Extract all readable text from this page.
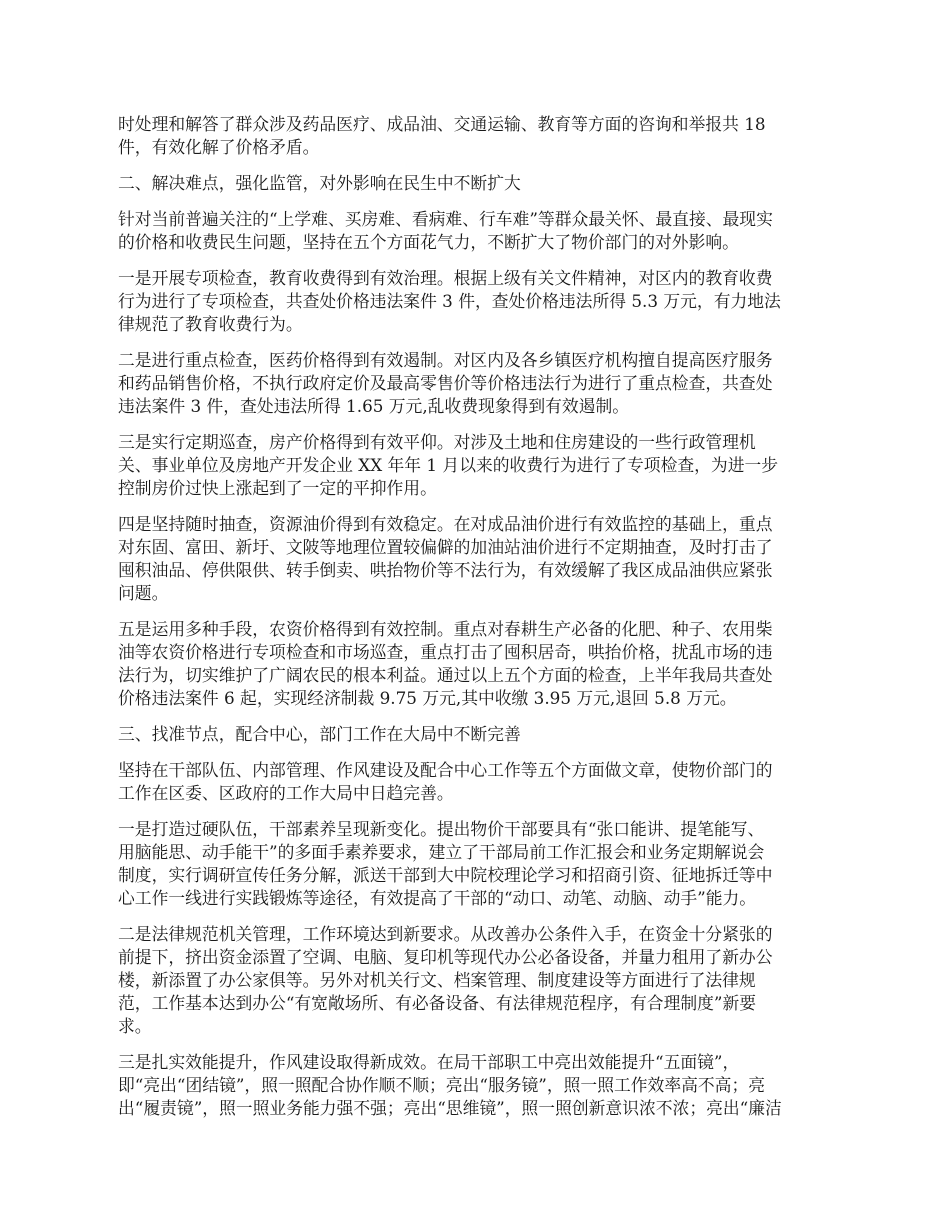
时处理和解答了群众涉及药品医疗、成品油、交通运输、教育等方面的咨询和举报共 18
件，有效化解了价格矛盾。

二、解决难点，强化监管，对外影响在民生中不断扩大

针对当前普遍关注的“上学难、买房难、看病难、行车难”等群众最关怀、最直接、最现实
的价格和收费民生问题，坚持在五个方面花气力，不断扩大了物价部门的对外影响。

一是开展专项检查，教育收费得到有效治理。根据上级有关文件精神，对区内的教育收费
行为进行了专项检查，共查处价格违法案件 3 件，查处价格违法所得 5.3 万元，有力地法
律规范了教育收费行为。

二是进行重点检查，医药价格得到有效遏制。对区内及各乡镇医疗机构擅自提高医疗服务
和药品销售价格，不执行政府定价及最高零售价等价格违法行为进行了重点检查，共查处
违法案件 3 件，查处违法所得 1.65 万元,乱收费现象得到有效遏制。

三是实行定期巡查，房产价格得到有效平仰。对涉及土地和住房建设的一些行政管理机
关、事业单位及房地产开发企业 XX 年年 1 月以来的收费行为进行了专项检查，为进一步
控制房价过快上涨起到了一定的平抑作用。

四是坚持随时抽查，资源油价得到有效稳定。在对成品油价进行有效监控的基础上，重点
对东固、富田、新圩、文陂等地理位置较偏僻的加油站油价进行不定期抽查，及时打击了
囤积油品、停供限供、转手倒卖、哄抬物价等不法行为，有效缓解了我区成品油供应紧张
问题。

五是运用多种手段，农资价格得到有效控制。重点对春耕生产必备的化肥、种子、农用柴
油等农资价格进行专项检查和市场巡查，重点打击了囤积居奇，哄抬价格，扰乱市场的违
法行为，切实维护了广阔农民的根本利益。通过以上五个方面的检查，上半年我局共查处
价格违法案件 6 起，实现经济制裁 9.75 万元,其中收缴 3.95 万元,退回 5.8 万元。

三、找准节点，配合中心，部门工作在大局中不断完善

坚持在干部队伍、内部管理、作风建设及配合中心工作等五个方面做文章，使物价部门的
工作在区委、区政府的工作大局中日趋完善。

一是打造过硬队伍，干部素养呈现新变化。提出物价干部要具有“张口能讲、提笔能写、
用脑能思、动手能干”的多面手素养要求，建立了干部局前工作汇报会和业务定期解说会
制度，实行调研宣传任务分解，派送干部到大中院校理论学习和招商引资、征地拆迁等中
心工作一线进行实践锻炼等途径，有效提高了干部的“动口、动笔、动脑、动手”能力。

二是法律规范机关管理，工作环境达到新要求。从改善办公条件入手，在资金十分紧张的
前提下，挤出资金添置了空调、电脑、复印机等现代办公必备设备，并量力租用了新办公
楼，新添置了办公家俱等。另外对机关行文、档案管理、制度建设等方面进行了法律规
范，工作基本达到办公“有宽敞场所、有必备设备、有法律规范程序，有合理制度”新要
求。

三是扎实效能提升，作风建设取得新成效。在局干部职工中亮出效能提升“五面镜”，
即“亮出“团结镜”，照一照配合协作顺不顺；亮出“服务镜”，照一照工作效率高不高；亮
出“履责镜”，照一照业务能力强不强；亮出“思维镜”，照一照创新意识浓不浓；亮出“廉洁
